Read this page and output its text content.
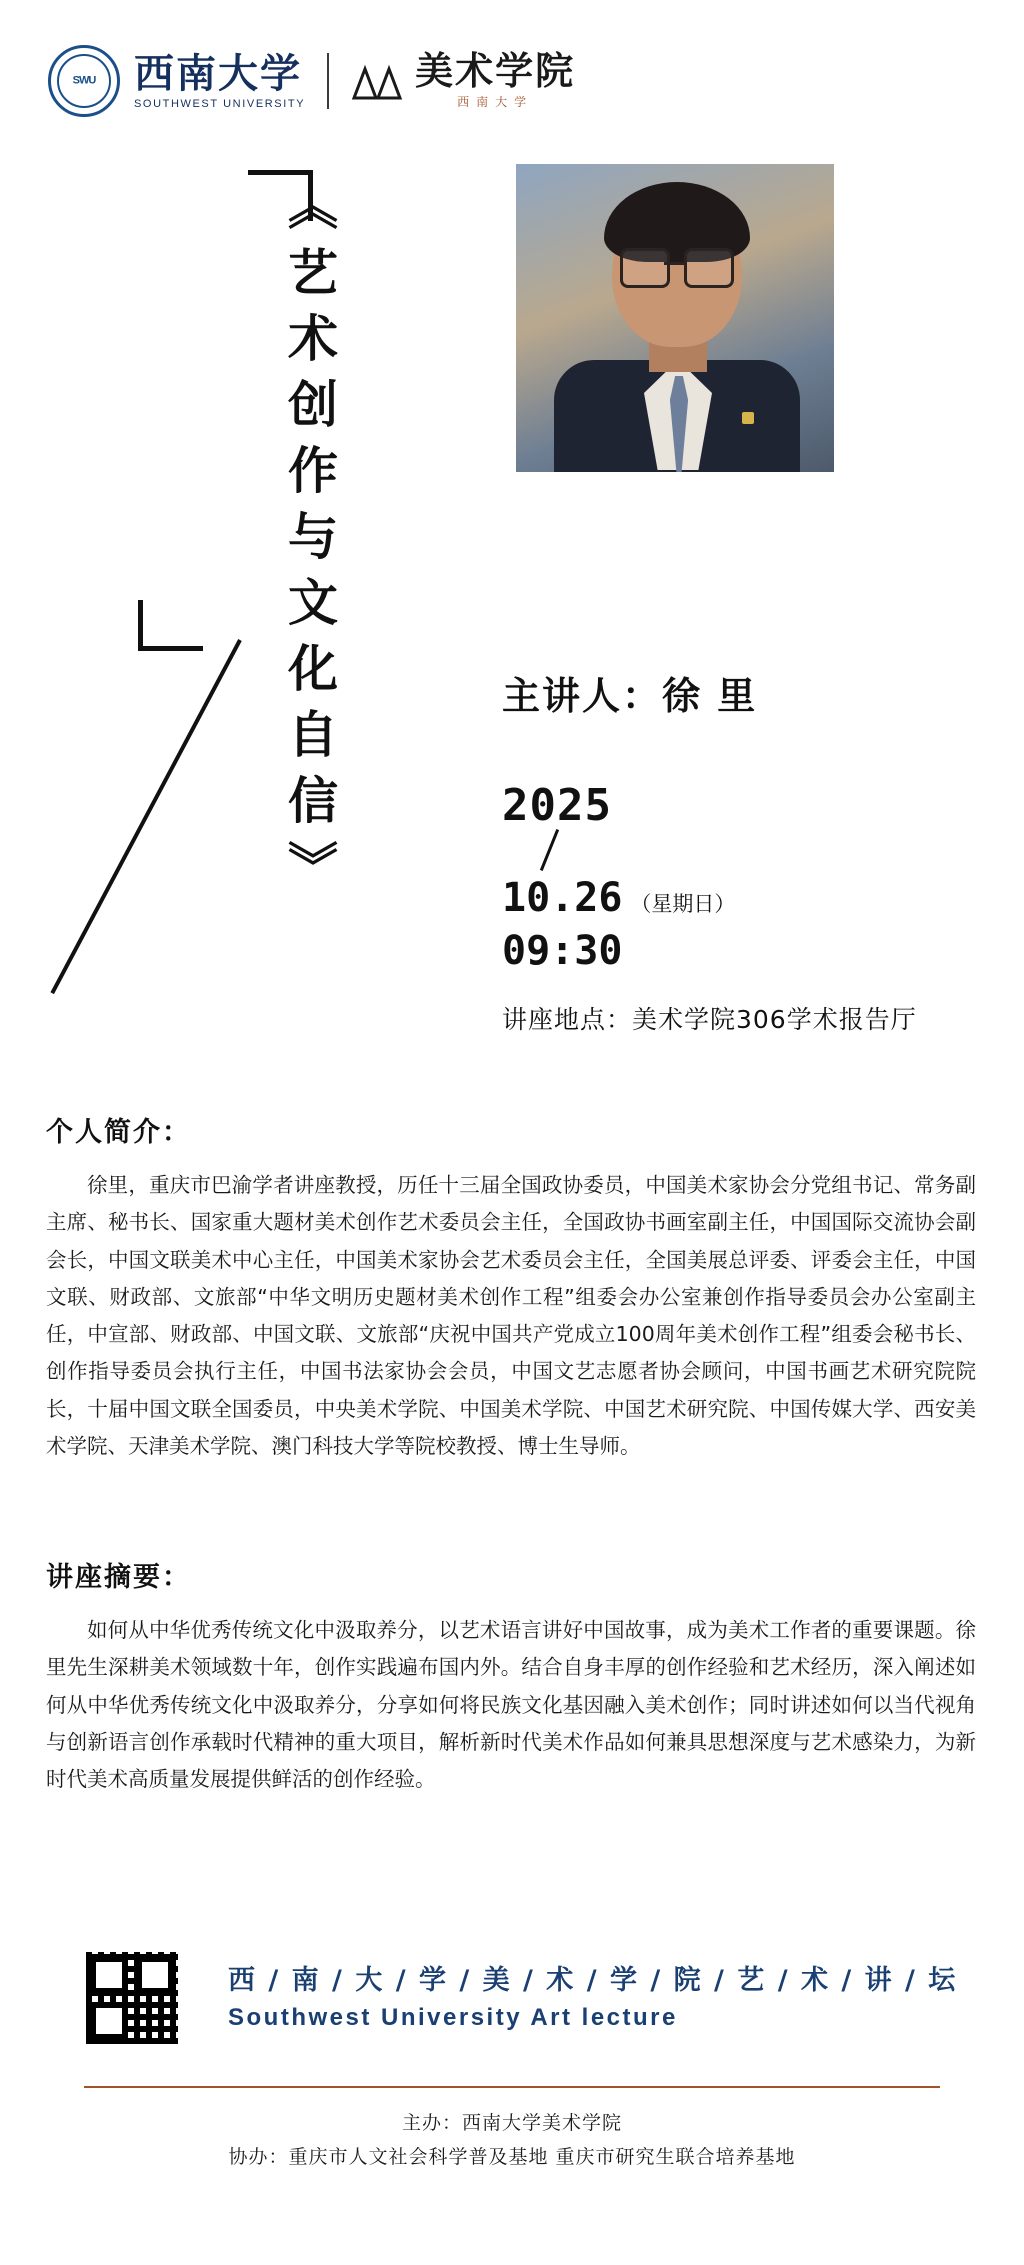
SWU 西南大学
SOUTHWEST UNIVERSITY
美术学院
西南大学
《艺术创作与文化自信》	主讲人：徐 里
2025
10.26 （星期日）
09:30
讲座地点：美术学院306学术报告厅
个人简介：
徐里，重庆市巴渝学者讲座教授，历任十三届全国政协委员，中国美术家协会分党组书记、常务副主席、秘书长、国家重大题材美术创作艺术委员会主任，全国政协书画室副主任，中国国际交流协会副会长，中国文联美术中心主任，中国美术家协会艺术委员会主任，全国美展总评委、评委会主任，中国文联、财政部、文旅部“中华文明历史题材美术创作工程”组委会办公室兼创作指导委员会办公室副主任，中宣部、财政部、中国文联、文旅部“庆祝中国共产党成立100周年美术创作工程”组委会秘书长、创作指导委员会执行主任，中国书法家协会会员，中国文艺志愿者协会顾问，中国书画艺术研究院院长，十届中国文联全国委员，中央美术学院、中国美术学院、中国艺术研究院、中国传媒大学、西安美术学院、天津美术学院、澳门科技大学等院校教授、博士生导师。
讲座摘要：
如何从中华优秀传统文化中汲取养分，以艺术语言讲好中国故事，成为美术工作者的重要课题。徐里先生深耕美术领域数十年，创作实践遍布国内外。结合自身丰厚的创作经验和艺术经历，深入阐述如何从中华优秀传统文化中汲取养分，分享如何将民族文化基因融入美术创作；同时讲述如何以当代视角与创新语言创作承载时代精神的重大项目，解析新时代美术作品如何兼具思想深度与艺术感染力，为新时代美术高质量发展提供鲜活的创作经验。
西 / 南 / 大 / 学 / 美 / 术 / 学 / 院 / 艺 / 术 / 讲 / 坛
Southwest University Art lecture
主办：西南大学美术学院
协办：重庆市人文社会科学普及基地 重庆市研究生联合培养基地
